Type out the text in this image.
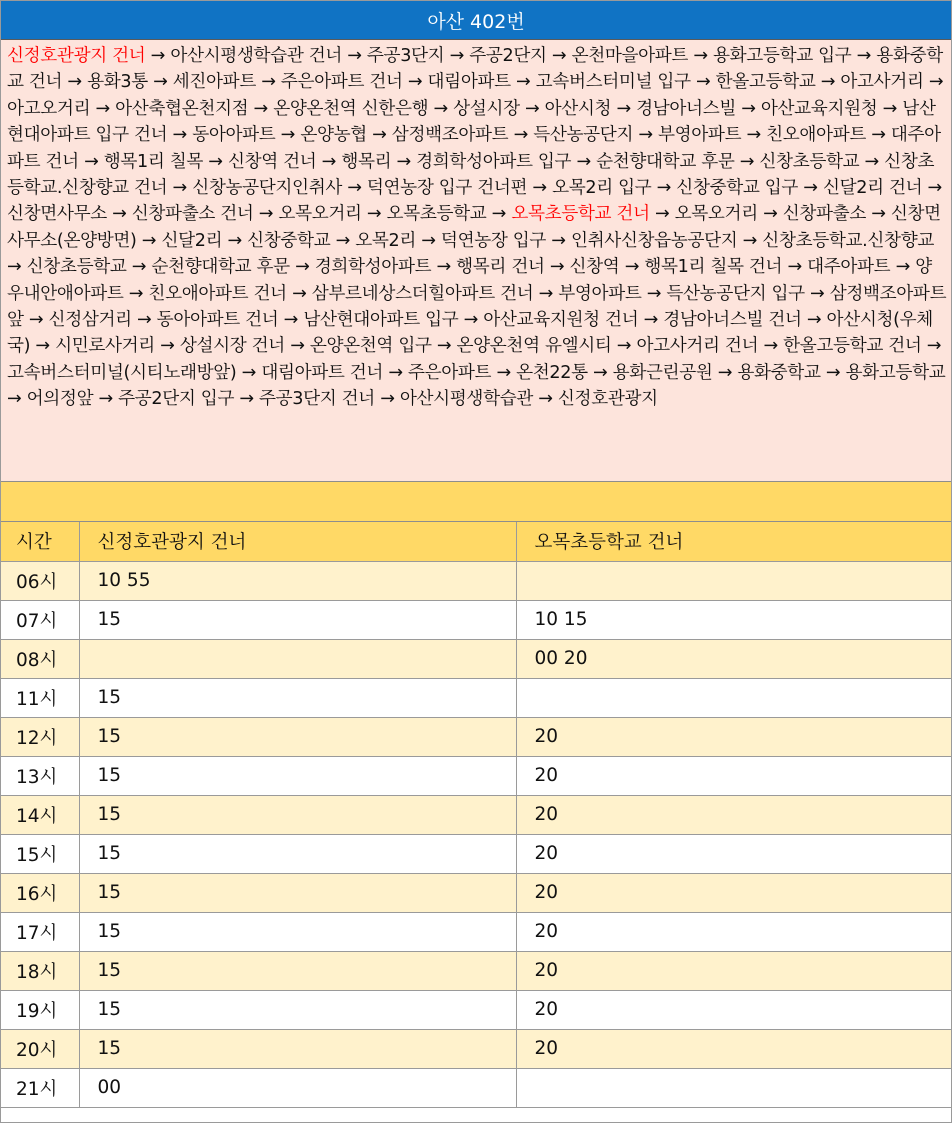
아산 402번
신정호관광지 건너 → 아산시평생학습관 건너 → 주공3단지 → 주공2단지 → 온천마을아파트 → 용화고등학교 입구 → 용화중학교 건너 → 용화3통 → 세진아파트 → 주은아파트 건너 → 대림아파트 → 고속버스터미널 입구 → 한올고등학교 → 아고사거리 → 아고오거리 → 아산축협온천지점 → 온양온천역 신한은행 → 상설시장 → 아산시청 → 경남아너스빌 → 아산교육지원청 → 남산현대아파트 입구 건너 → 동아아파트 → 온양농협 → 삼정백조아파트 → 득산농공단지 → 부영아파트 → 친오애아파트 → 대주아파트 건너 → 행목1리 칠목 → 신창역 건너 → 행목리 → 경희학성아파트 입구 → 순천향대학교 후문 → 신창초등학교 → 신창초등학교.신창향교 건너 → 신창농공단지인취사 → 덕연농장 입구 건너편 → 오목2리 입구 → 신창중학교 입구 → 신달2리 건너 → 신창면사무소 → 신창파출소 건너 → 오목오거리 → 오목초등학교 → 오목초등학교 건너 → 오목오거리 → 신창파출소 → 신창면사무소(온양방면) → 신달2리 → 신창중학교 → 오목2리 → 덕연농장 입구 → 인취사신창읍농공단지 → 신창초등학교.신창향교 → 신창초등학교 → 순천향대학교 후문 → 경희학성아파트 → 행목리 건너 → 신창역 → 행목1리 칠목 건너 → 대주아파트 → 양우내안애아파트 → 친오애아파트 건너 → 삼부르네상스더힐아파트 건너 → 부영아파트 → 득산농공단지 입구 → 삼정백조아파트 앞 → 신정삼거리 → 동아아파트 건너 → 남산현대아파트 입구 → 아산교육지원청 건너 → 경남아너스빌 건너 → 아산시청(우체국) → 시민로사거리 → 상설시장 건너 → 온양온천역 입구 → 온양온천역 유엘시티 → 아고사거리 건너 → 한올고등학교 건너 → 고속버스터미널(시티노래방앞) → 대림아파트 건너 → 주은아파트 → 온천22통 → 용화근린공원 → 용화중학교 → 용화고등학교 → 어의정앞 → 주공2단지 입구 → 주공3단지 건너 → 아산시평생학습관 → 신정호관광지
시간	신정호관광지 건너	오목초등학교 건너
06시	10 55	
07시	15	10 15
08시		00 20
11시	15	
12시	15	20
13시	15	20
14시	15	20
15시	15	20
16시	15	20
17시	15	20
18시	15	20
19시	15	20
20시	15	20
21시	00	
